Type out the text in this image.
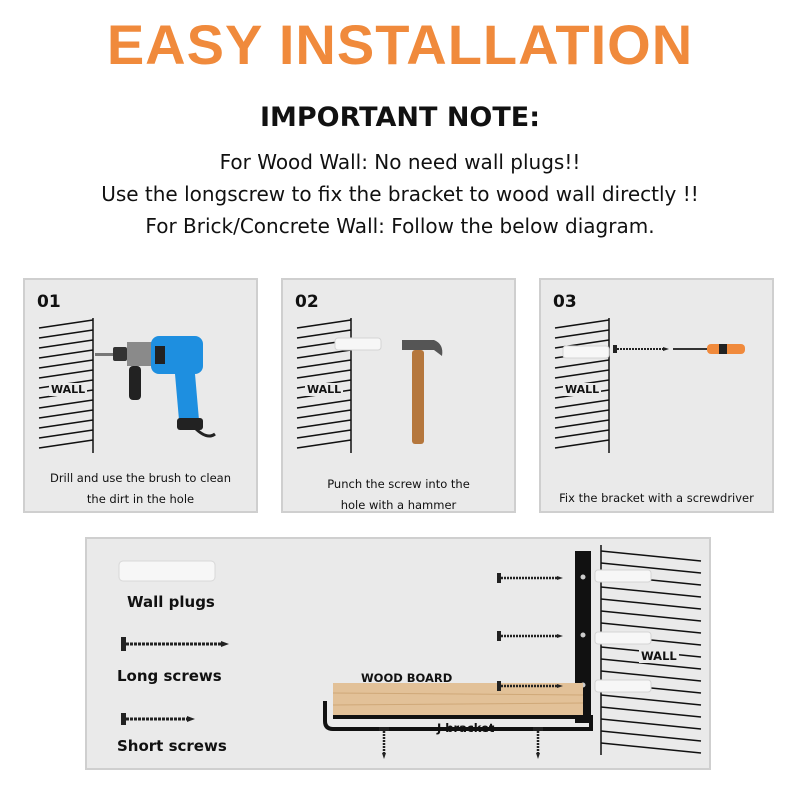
EASY INSTALLATION
IMPORTANT NOTE:

For Wood Wall: No need wall plugs!!

Use the longscrew to fix the bracket to wood wall directly !!

For Brick/Concrete Wall: Follow the below diagram.

01
WALL
Drill and use the brush to clean
the dirt in the hole
02
WALL
Punch the screw into the
hole with a hammer
03
WALL
Fix the bracket with a screwdriver
Wall plugs
Long screws
Short screws
WALL
WOOD BOARD
J bracket
